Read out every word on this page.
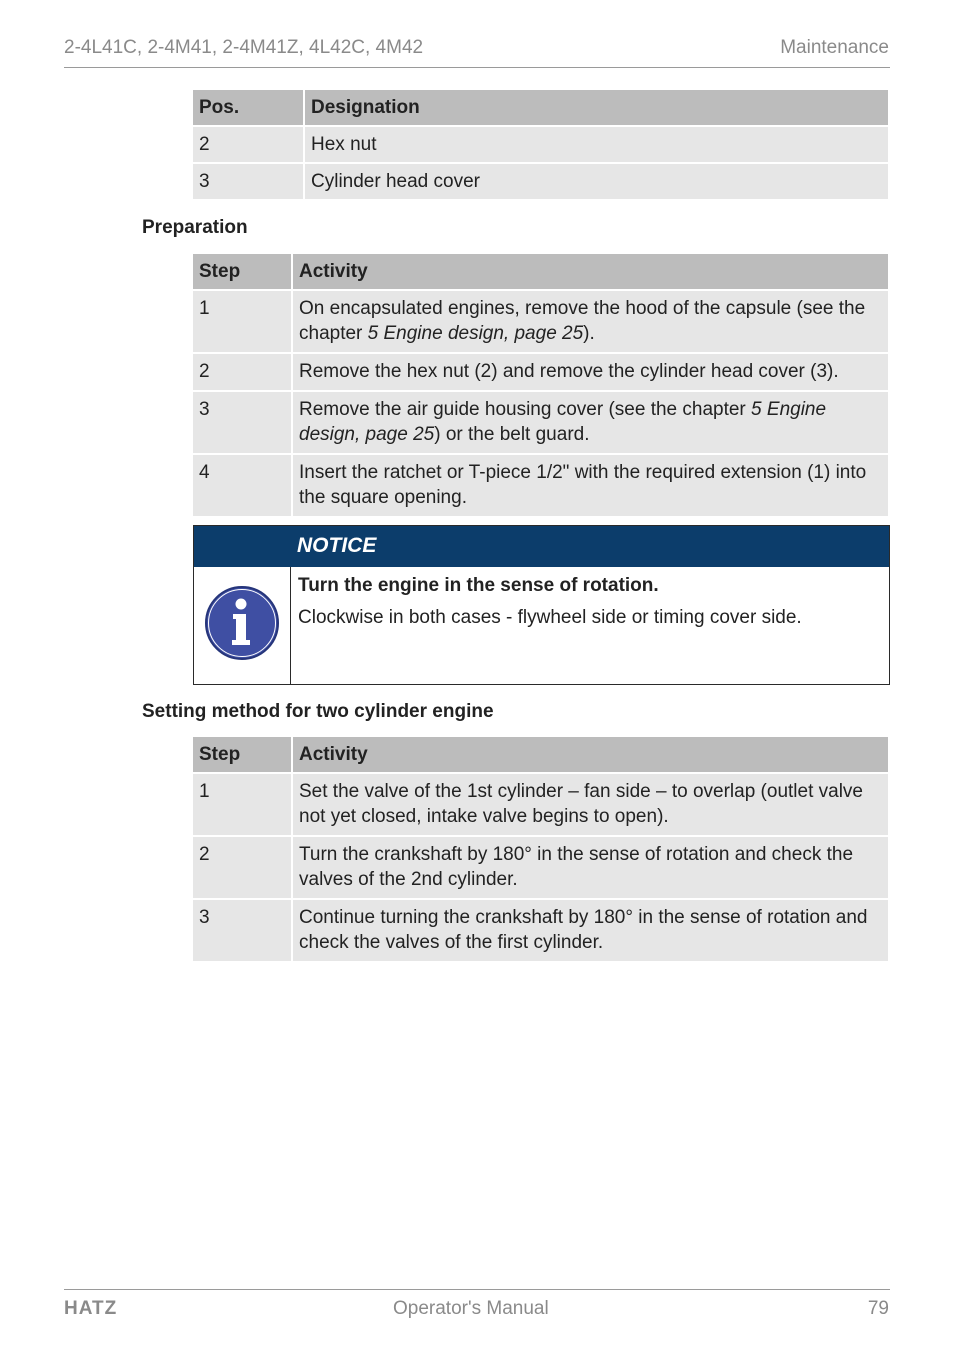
2-4L41C, 2-4M41, 2-4M41Z, 4L42C, 4M42	Maintenance
Pos.	Designation
2	Hex nut
3	Cylinder head cover
Preparation
Step	Activity
1	On encapsulated engines, remove the hood of the capsule (see the chapter 5 Engine design, page 25).
2	Remove the hex nut (2) and remove the cylinder head cover (3).
3	Remove the air guide housing cover (see the chapter 5 Engine design, page 25) or the belt guard.
4	Insert the ratchet or T-piece 1/2" with the required extension (1) into the square opening.
NOTICE
Turn the engine in the sense of rotation.
Clockwise in both cases - flywheel side or timing cover side.
Setting method for two cylinder engine
Step	Activity
1	Set the valve of the 1st cylinder – fan side – to overlap (outlet valve not yet closed, intake valve begins to open).
2	Turn the crankshaft by 180° in the sense of rotation and check the valves of the 2nd cylinder.
3	Continue turning the crankshaft by 180° in the sense of rotation and check the valves of the first cylinder.
HATZ	Operator's Manual	79
